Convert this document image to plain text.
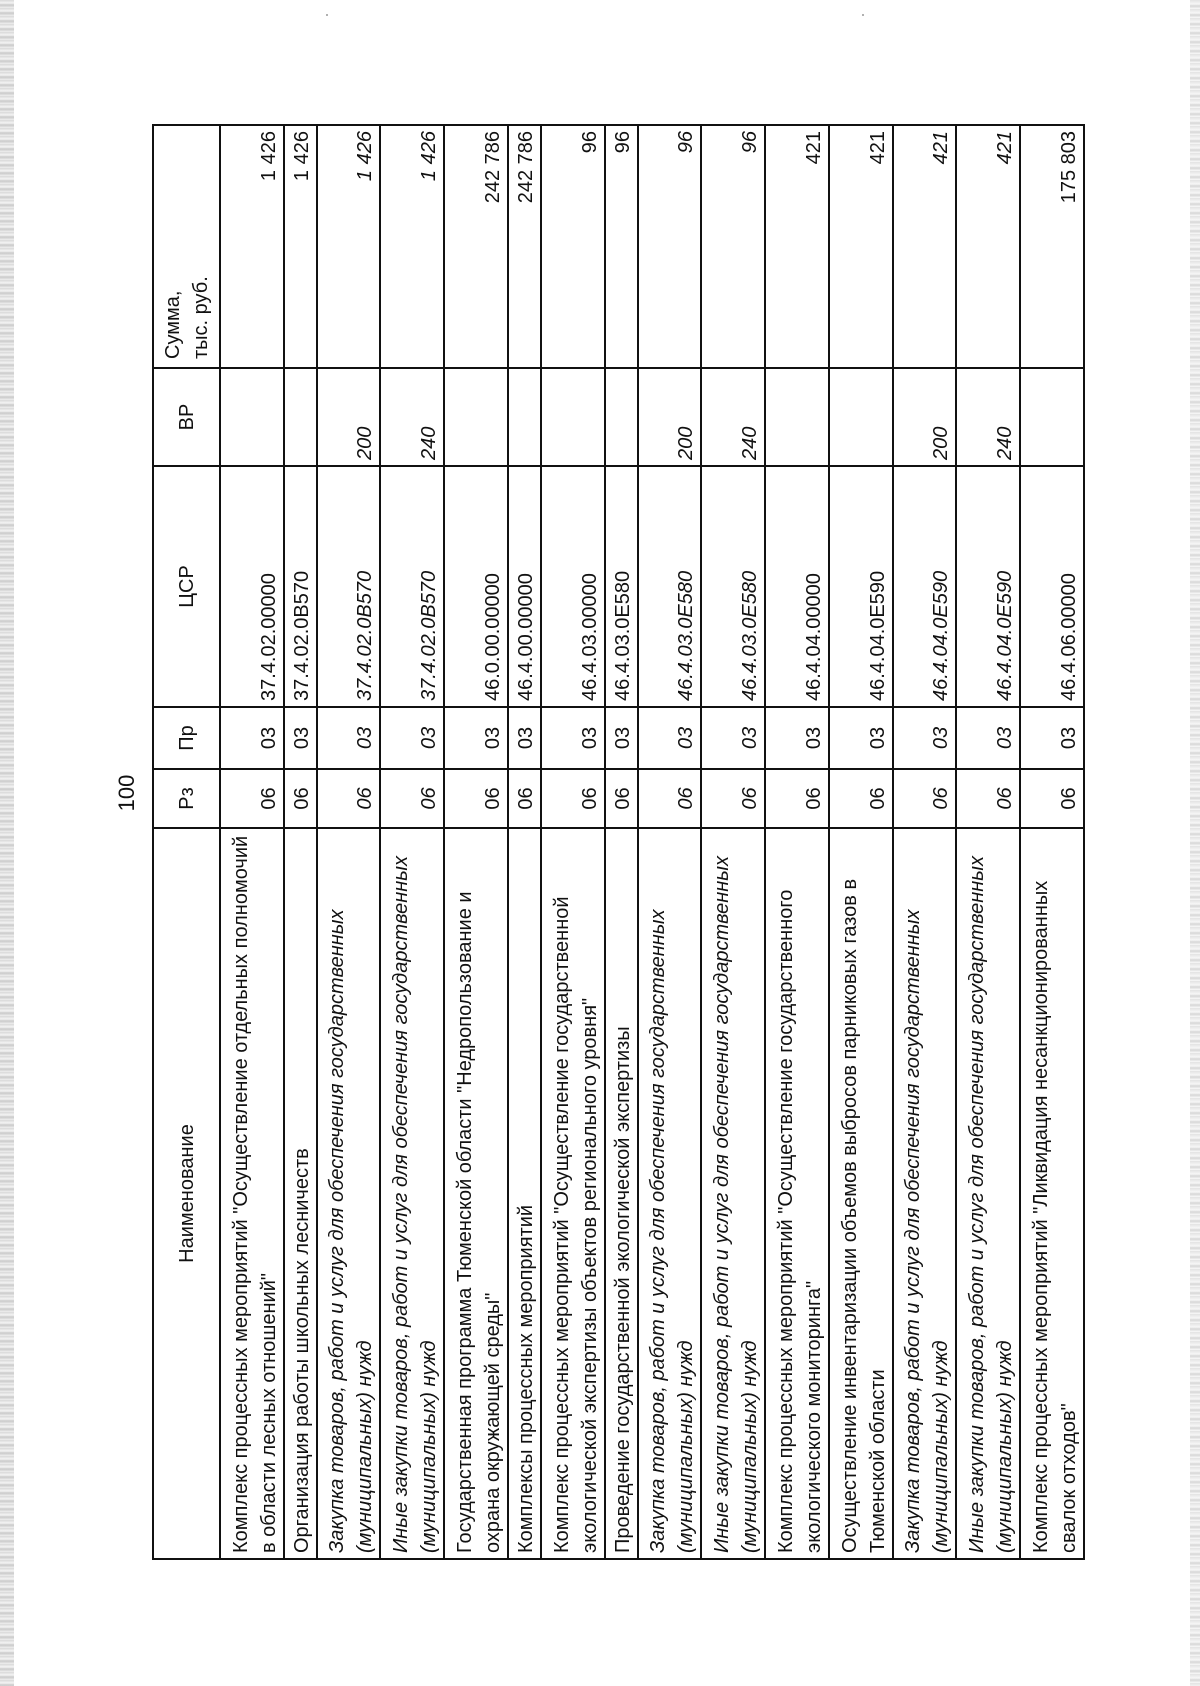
100
Наименование	Рз	Пр	ЦСР	ВР	Сумма, тыс. руб.

Комплекс процессных мероприятий "Осуществление отдельных полномочий в области лесных отношений"	06	03	37.4.02.00000		1 426
Организация работы школьных лесничеств	06	03	37.4.02.0В570		1 426
Закупка товаров, работ и услуг для обеспечения государственных (муниципальных) нужд	06	03	37.4.02.0В570	200	1 426
Иные закупки товаров, работ и услуг для обеспечения государственных (муниципальных) нужд	06	03	37.4.02.0В570	240	1 426
Государственная программа Тюменской области "Недропользование и охрана окружающей среды"	06	03	46.0.00.00000		242 786
Комплексы процессных мероприятий	06	03	46.4.00.00000		242 786
Комплекс процессных мероприятий "Осуществление государственной экологической экспертизы объектов регионального уровня"	06	03	46.4.03.00000		96
Проведение государственной экологической экспертизы	06	03	46.4.03.0Е580		96
Закупка товаров, работ и услуг для обеспечения государственных (муниципальных) нужд	06	03	46.4.03.0Е580	200	96
Иные закупки товаров, работ и услуг для обеспечения государственных (муниципальных) нужд	06	03	46.4.03.0Е580	240	96
Комплекс процессных мероприятий "Осуществление государственного экологического мониторинга"	06	03	46.4.04.00000		421
Осуществление инвентаризации объемов выбросов парниковых газов в Тюменской области	06	03	46.4.04.0Е590		421
Закупка товаров, работ и услуг для обеспечения государственных (муниципальных) нужд	06	03	46.4.04.0Е590	200	421
Иные закупки товаров, работ и услуг для обеспечения государственных (муниципальных) нужд	06	03	46.4.04.0Е590	240	421
Комплекс процессных мероприятий "Ликвидация несанкционированных свалок отходов"	06	03	46.4.06.00000		175 803
